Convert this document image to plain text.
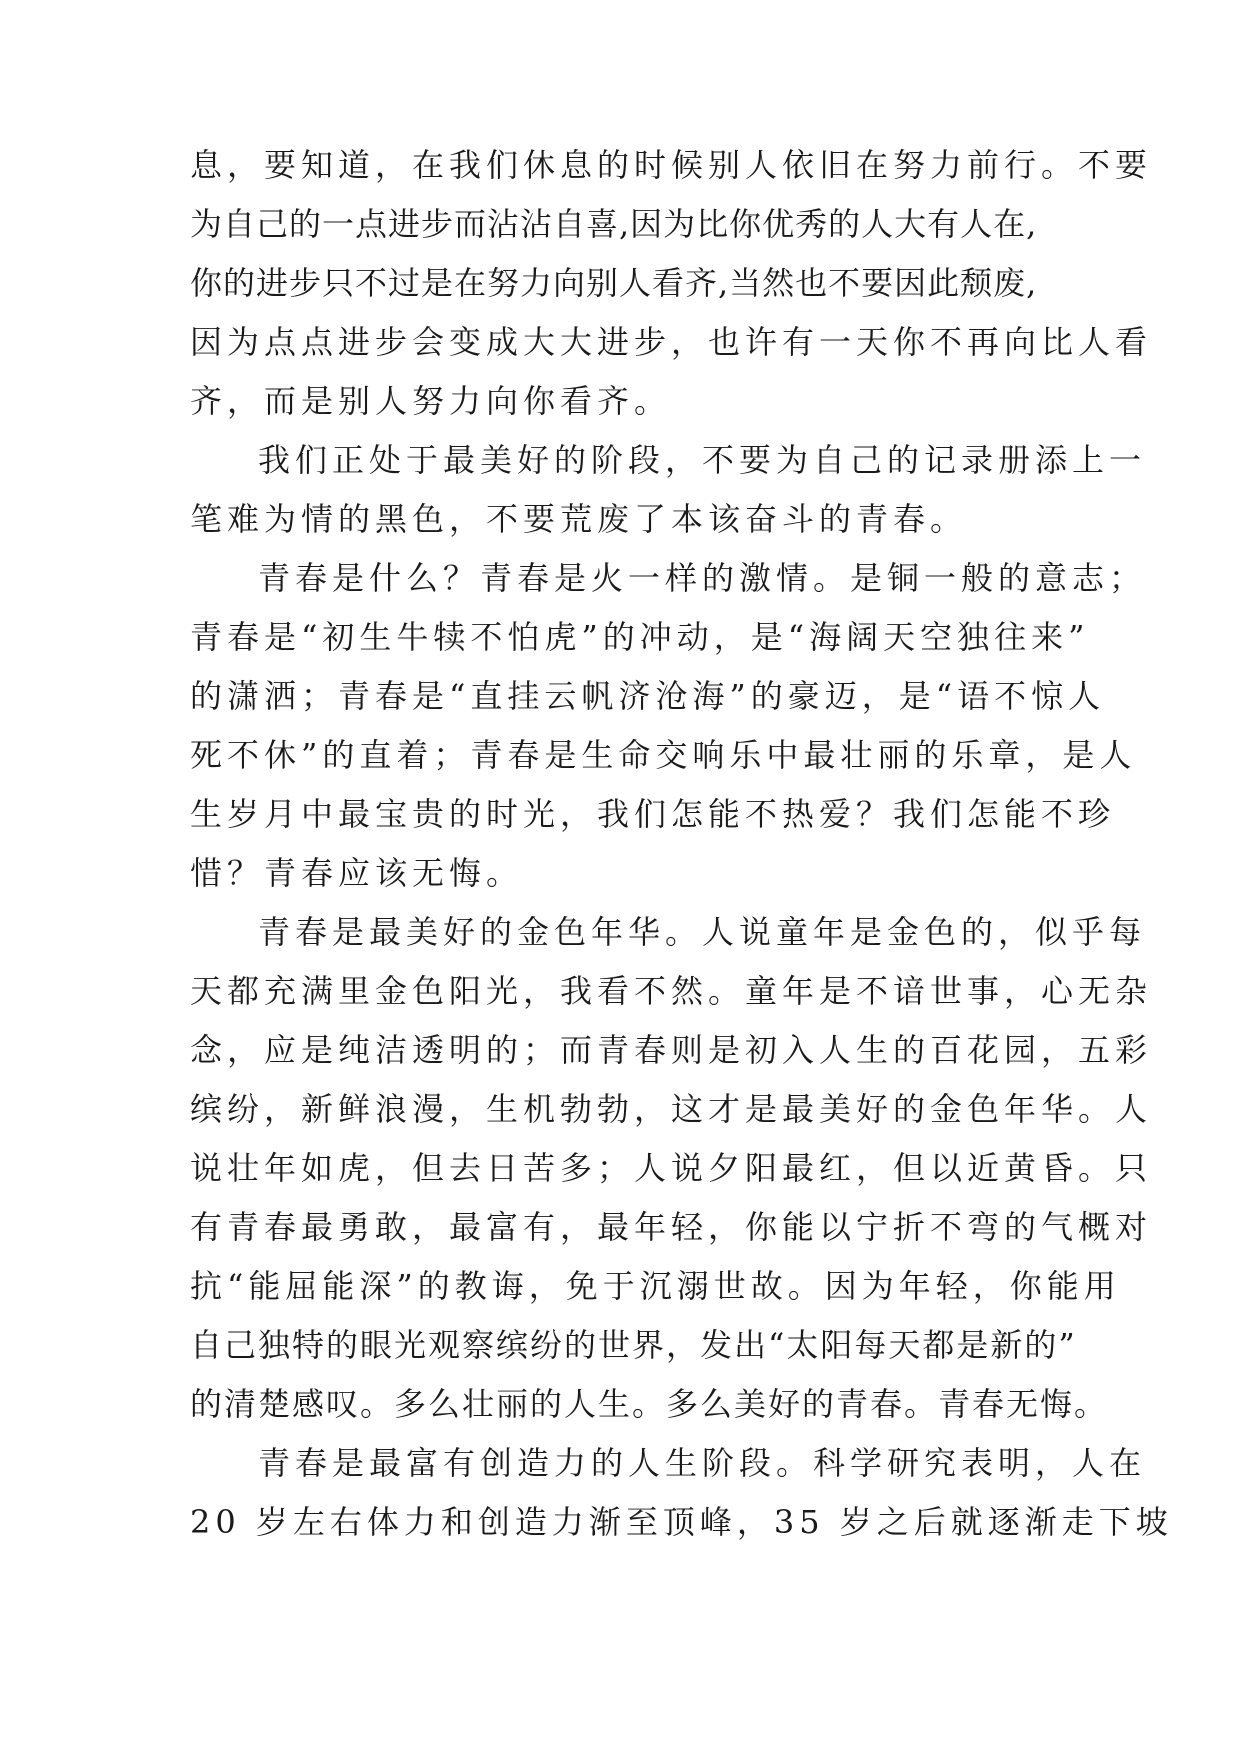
息，要知道，在我们休息的时候别人依旧在努力前行。不要

为自己的一点进步而沾沾自喜,因为比你优秀的人大有人在,

你的进步只不过是在努力向别人看齐,当然也不要因此颓废,

因为点点进步会变成大大进步，也许有一天你不再向比人看

齐，而是别人努力向你看齐。

我们正处于最美好的阶段，不要为自己的记录册添上一

笔难为情的黑色，不要荒废了本该奋斗的青春。

青春是什么？青春是火一样的激情。是铜一般的意志；

青春是“初生牛犊不怕虎”的冲动，是“海阔天空独往来”

的潇洒；青春是“直挂云帆济沧海”的豪迈，是“语不惊人

死不休”的直着；青春是生命交响乐中最壮丽的乐章，是人

生岁月中最宝贵的时光，我们怎能不热爱？我们怎能不珍

惜？青春应该无悔。

青春是最美好的金色年华。人说童年是金色的，似乎每

天都充满里金色阳光，我看不然。童年是不谙世事，心无杂

念，应是纯洁透明的；而青春则是初入人生的百花园，五彩

缤纷，新鲜浪漫，生机勃勃，这才是最美好的金色年华。人

说壮年如虎，但去日苦多；人说夕阳最红，但以近黄昏。只

有青春最勇敢，最富有，最年轻，你能以宁折不弯的气概对

抗“能屈能深”的教诲，免于沉溺世故。因为年轻，你能用

自己独特的眼光观察缤纷的世界，发出“太阳每天都是新的”

的清楚感叹。多么壮丽的人生。多么美好的青春。青春无悔。

青春是最富有创造力的人生阶段。科学研究表明，人在

20 岁左右体力和创造力渐至顶峰，35 岁之后就逐渐走下坡
